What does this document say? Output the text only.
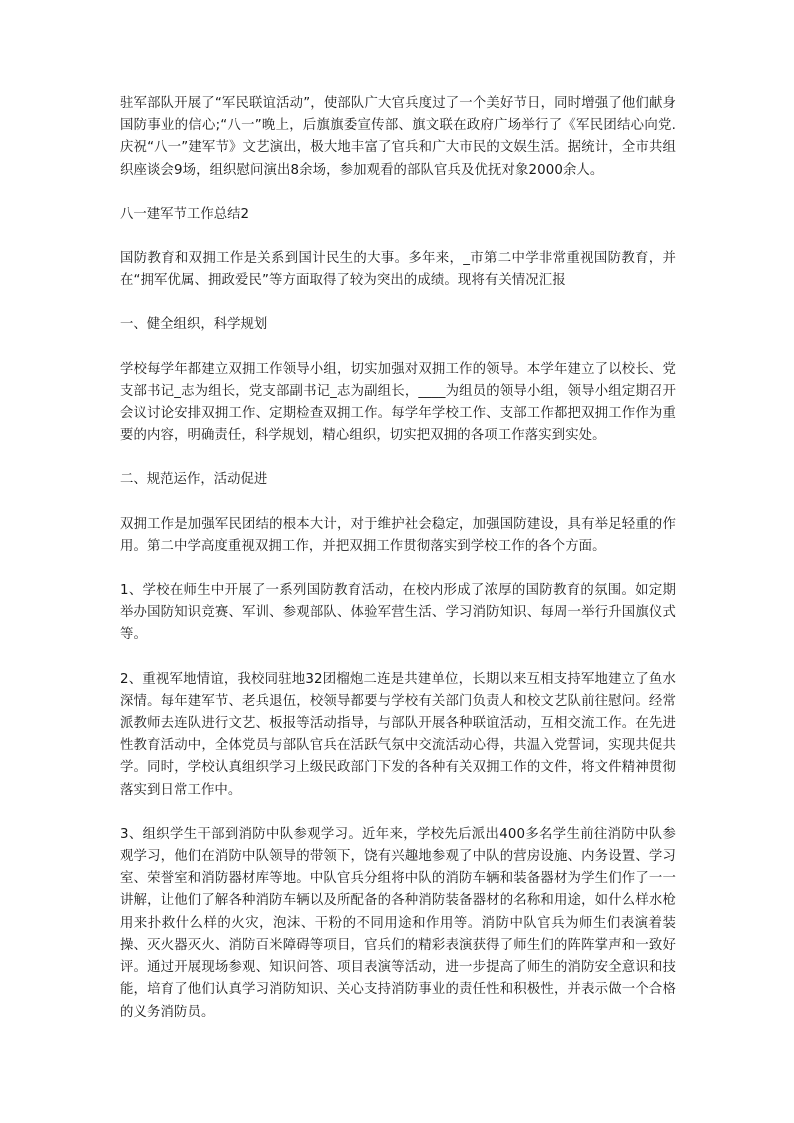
驻军部队开展了“军民联谊活动”，使部队广大官兵度过了一个美好节日，同时增强了他们献身国防事业的信心;“八一”晚上，后旗旗委宣传部、旗文联在政府广场举行了《军民团结心向党.庆祝“八一”建军节》文艺演出，极大地丰富了官兵和广大市民的文娱生活。据统计，全市共组织座谈会9场，组织慰问演出8余场，参加观看的部队官兵及优抚对象2000余人。

八一建军节工作总结2

国防教育和双拥工作是关系到国计民生的大事。多年来，_市第二中学非常重视国防教育，并在“拥军优属、拥政爱民”等方面取得了较为突出的成绩。现将有关情况汇报

一、健全组织，科学规划

学校每学年都建立双拥工作领导小组，切实加强对双拥工作的领导。本学年建立了以校长、党支部书记_志为组长，党支部副书记_志为副组长，____为组员的领导小组，领导小组定期召开会议讨论安排双拥工作、定期检查双拥工作。每学年学校工作、支部工作都把双拥工作作为重要的内容，明确责任，科学规划，精心组织，切实把双拥的各项工作落实到实处。

二、规范运作，活动促进

双拥工作是加强军民团结的根本大计，对于维护社会稳定，加强国防建设，具有举足轻重的作用。第二中学高度重视双拥工作，并把双拥工作贯彻落实到学校工作的各个方面。

1、学校在师生中开展了一系列国防教育活动，在校内形成了浓厚的国防教育的氛围。如定期举办国防知识竞赛、军训、参观部队、体验军营生活、学习消防知识、每周一举行升国旗仪式等。

2、重视军地情谊，我校同驻地32团榴炮二连是共建单位，长期以来互相支持军地建立了鱼水深情。每年建军节、老兵退伍，校领导都要与学校有关部门负责人和校文艺队前往慰问。经常派教师去连队进行文艺、板报等活动指导，与部队开展各种联谊活动，互相交流工作。在先进性教育活动中，全体党员与部队官兵在活跃气氛中交流活动心得，共温入党誓词，实现共促共学。同时，学校认真组织学习上级民政部门下发的各种有关双拥工作的文件，将文件精神贯彻落实到日常工作中。

3、组织学生干部到消防中队参观学习。近年来，学校先后派出400多名学生前往消防中队参观学习，他们在消防中队领导的带领下，饶有兴趣地参观了中队的营房设施、内务设置、学习室、荣誉室和消防器材库等地。中队官兵分组将中队的消防车辆和装备器材为学生们作了一一讲解，让他们了解各种消防车辆以及所配备的各种消防装备器材的名称和用途，如什么样水枪用来扑救什么样的火灾，泡沫、干粉的不同用途和作用等。消防中队官兵为师生们表演着装操、灭火器灭火、消防百米障碍等项目，官兵们的精彩表演获得了师生们的阵阵掌声和一致好评。通过开展现场参观、知识问答、项目表演等活动，进一步提高了师生的消防安全意识和技能，培育了他们认真学习消防知识、关心支持消防事业的责任性和积极性，并表示做一个合格的义务消防员。
